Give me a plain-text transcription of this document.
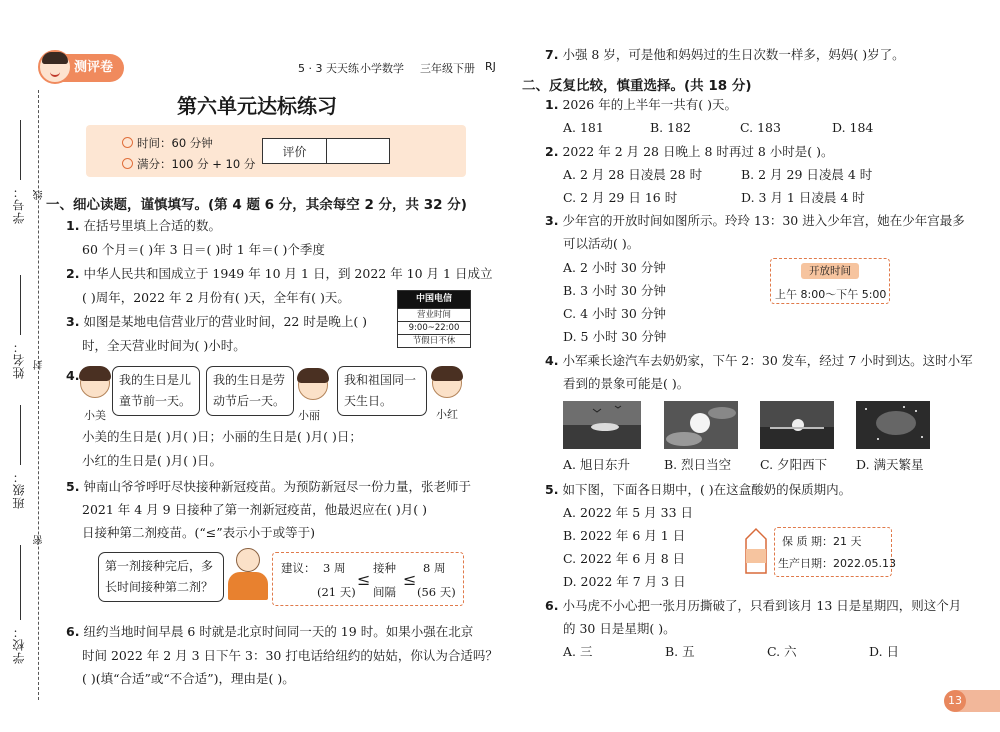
学号：
姓名：
班级：
学校：
线
封
密
测评卷	5 · 3 天天练 小学数学 三年级下册 RJ
第六单元达标练习
时间：60 分钟
满分：100 分 + 10 分
评价
一、细心读题，谨慎填写。(第 4 题 6 分，其余每空 2 分，共 32 分)
1. 在括号里填上合适的数。
60 个月＝( )年 3 日＝( )时 1 年＝( )个季度
2. 中华人民共和国成立于 1949 年 10 月 1 日，到 2022 年 10 月 1 日成立
( )周年，2022 年 2 月份有( )天，全年有( )天。
3. 如图是某地电信营业厅的营业时间，22 时是晚上( )
时，全天营业时间为( )小时。
中国电信
营业时间
9:00~22:00
节假日不休
4.
小美
我的生日是儿童节前一天。
我的生日是劳动节后一天。
小丽
我和祖国同一天生日。
小红
小美的生日是( )月( )日；小丽的生日是( )月( )日；
小红的生日是( )月( )日。
5. 钟南山爷爷呼吁尽快接种新冠疫苗。为预防新冠尽一份力量，张老师于
2021 年 4 月 9 日接种了第一剂新冠疫苗，他最迟应在( )月( )
日接种第二剂疫苗。(“≤”表示小于或等于)
第一剂接种完后，多长时间接种第二剂？
建议： 3 周
(21 天)
≤
接种
间隔
≤
8 周
(56 天)
6. 纽约当地时间早晨 6 时就是北京时间同一天的 19 时。如果小强在北京
时间 2022 年 2 月 3 日下午 3：30 打电话给纽约的姑姑，你认为合适吗？
( )(填“合适”或“不合适”)，理由是( )。
7. 小强 8 岁，可是他和妈妈过的生日次数一样多，妈妈( )岁了。
二、反复比较，慎重选择。(共 18 分)
1. 2026 年的上半年一共有( )天。
A. 181	B. 182	C. 183	D. 184
2. 2022 年 2 月 28 日晚上 8 时再过 8 小时是( )。
A. 2 月 28 日凌晨 28 时	B. 2 月 29 日凌晨 4 时
C. 2 月 29 日 16 时	D. 3 月 1 日凌晨 4 时
3. 少年宫的开放时间如图所示。玲玲 13：30 进入少年宫，她在少年宫最多
可以活动( )。
A. 2 小时 30 分钟
B. 3 小时 30 分钟
C. 4 小时 30 分钟
D. 5 小时 30 分钟
开放时间
上午 8:00～下午 5:00
4. 小军乘长途汽车去奶奶家，下午 2：30 发车，经过 7 小时到达。这时小军
看到的景象可能是( )。
A. 旭日东升	B. 烈日当空 C. 夕阳西下 D. 满天繁星
5. 如下图，下面各日期中，( )在这盒酸奶的保质期内。
A. 2022 年 5 月 33 日
B. 2022 年 6 月 1 日
C. 2022 年 6 月 8 日
D. 2022 年 7 月 3 日
保 质 期：21 天
生产日期：2022.05.13
6. 小马虎不小心把一张月历撕破了，只看到该月 13 日是星期四，则这个月
的 30 日是星期( )。
A. 三	B. 五	C. 六	D. 日
13
